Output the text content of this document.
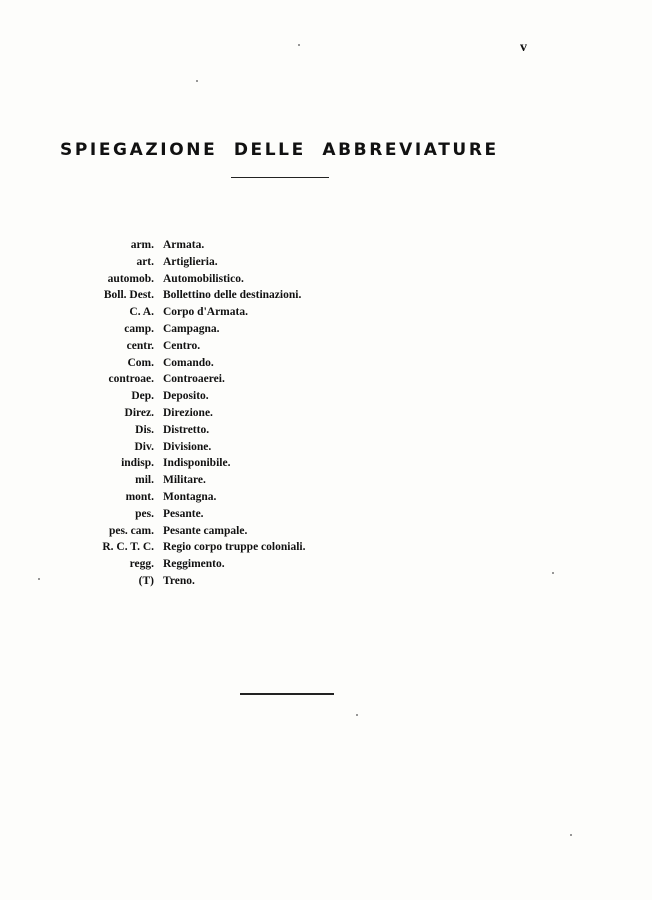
v
SPIEGAZIONE DELLE ABBREVIATURE
arm. Armata.
art. Artiglieria.
automob. Automobilistico.
Boll. Dest. Bollettino delle destinazioni.
C. A. Corpo d'Armata.
camp. Campagna.
centr. Centro.
Com. Comando.
controae. Controaerei.
Dep. Deposito.
Direz. Direzione.
Dis. Distretto.
Div. Divisione.
indisp. Indisponibile.
mil. Militare.
mont. Montagna.
pes. Pesante.
pes. cam. Pesante campale.
R. C. T. C. Regio corpo truppe coloniali.
regg. Reggimento.
(T) Treno.
